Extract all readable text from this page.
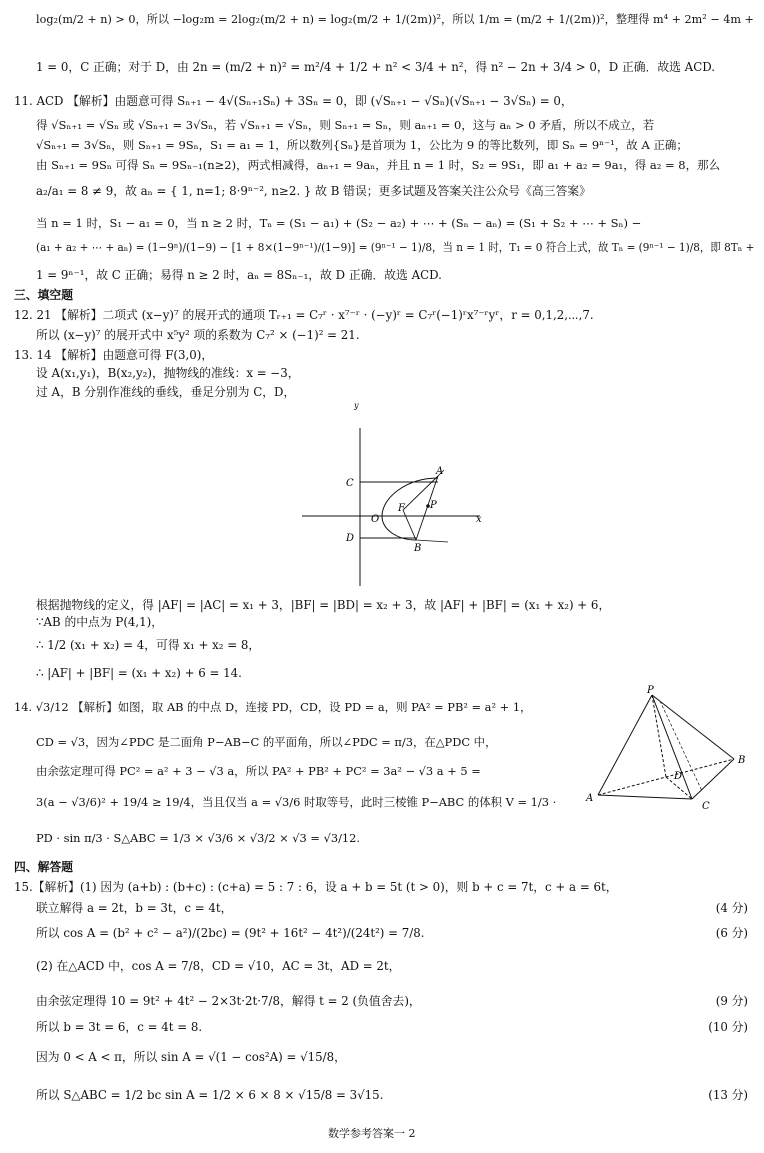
log₂(m/2 + n) > 0，所以 −log₂m = 2log₂(m/2 + n) = log₂(m/2 + 1/(2m))²，所以 1/m = (m/2 + 1/(2m))²，整理得 m⁴ + 2m² − 4m +
1 = 0，C 正确；对于 D，由 2n = (m/2 + n)² = m²/4 + 1/2 + n² < 3/4 + n²，得 n² − 2n + 3/4 > 0，D 正确．故选 ACD.
11. ACD 【解析】由题意可得 Sₙ₊₁ − 4√(Sₙ₊₁Sₙ) + 3Sₙ = 0，即 (√Sₙ₊₁ − √Sₙ)(√Sₙ₊₁ − 3√Sₙ) = 0，
得 √Sₙ₊₁ = √Sₙ 或 √Sₙ₊₁ = 3√Sₙ，若 √Sₙ₊₁ = √Sₙ，则 Sₙ₊₁ = Sₙ，则 aₙ₊₁ = 0，这与 aₙ > 0 矛盾，所以不成立，若
√Sₙ₊₁ = 3√Sₙ，则 Sₙ₊₁ = 9Sₙ，S₁ = a₁ = 1，所以数列{Sₙ}是首项为 1，公比为 9 的等比数列，即 Sₙ = 9ⁿ⁻¹，故 A 正确；
由 Sₙ₊₁ = 9Sₙ 可得 Sₙ = 9Sₙ₋₁(n≥2)，两式相减得，aₙ₊₁ = 9aₙ，并且 n = 1 时，S₂ = 9S₁，即 a₁ + a₂ = 9a₁，得 a₂ = 8，那么
a₂/a₁ = 8 ≠ 9，故 aₙ = { 1, n=1; 8·9ⁿ⁻², n≥2. } 故 B 错误；更多试题及答案关注公众号《高三答案》
当 n = 1 时，S₁ − a₁ = 0，当 n ≥ 2 时，Tₙ = (S₁ − a₁) + (S₂ − a₂) + ⋯ + (Sₙ − aₙ) = (S₁ + S₂ + ⋯ + Sₙ) −
(a₁ + a₂ + ⋯ + aₙ) = (1−9ⁿ)/(1−9) − [1 + 8×(1−9ⁿ⁻¹)/(1−9)] = (9ⁿ⁻¹ − 1)/8，当 n = 1 时，T₁ = 0 符合上式，故 Tₙ = (9ⁿ⁻¹ − 1)/8，即 8Tₙ +
1 = 9ⁿ⁻¹，故 C 正确；易得 n ≥ 2 时，aₙ = 8Sₙ₋₁，故 D 正确．故选 ACD.
三、填空题
12. 21 【解析】二项式 (x−y)⁷ 的展开式的通项 Tᵣ₊₁ = C₇ʳ · x⁷⁻ʳ · (−y)ʳ = C₇ʳ(−1)ʳx⁷⁻ʳyʳ，r = 0,1,2,⋯,7.
所以 (x−y)⁷ 的展开式中 x⁵y² 项的系数为 C₇² × (−1)² = 21.
13. 14 【解析】由题意可得 F(3,0)，
设 A(x₁,y₁)，B(x₂,y₂)，抛物线的准线：x = −3，
过 A，B 分别作准线的垂线，垂足分别为 C，D，
y
C
A
P
F
O	x
D
B
根据抛物线的定义，得 |AF| = |AC| = x₁ + 3，|BF| = |BD| = x₂ + 3，故 |AF| + |BF| = (x₁ + x₂) + 6，
∵AB 的中点为 P(4,1)，
∴ 1/2 (x₁ + x₂) = 4，可得 x₁ + x₂ = 8，
∴ |AF| + |BF| = (x₁ + x₂) + 6 = 14.
14. √3/12 【解析】如图，取 AB 的中点 D，连接 PD，CD，设 PD = a，则 PA² = PB² = a² + 1，
CD = √3，因为∠PDC 是二面角 P−AB−C 的平面角，所以∠PDC = π/3，在△PDC 中，
由余弦定理可得 PC² = a² + 3 − √3 a，所以 PA² + PB² + PC² = 3a² − √3 a + 5 =
3(a − √3/6)² + 19/4 ≥ 19/4，当且仅当 a = √3/6 时取等号，此时三棱锥 P−ABC 的体积 V = 1/3 ·
PD · sin π/3 · S△ABC = 1/3 × √3/6 × √3/2 × √3 = √3/12.
P
B
D
A
C
四、解答题
15.【解析】(1) 因为 (a+b) : (b+c) : (c+a) = 5 : 7 : 6，设 a + b = 5t (t > 0)，则 b + c = 7t，c + a = 6t，
联立解得 a = 2t，b = 3t，c = 4t，
所以 cos A = (b² + c² − a²)/(2bc) = (9t² + 16t² − 4t²)/(24t²) = 7/8.
(2) 在△ACD 中，cos A = 7/8，CD = √10，AC = 3t，AD = 2t，
由余弦定理得 10 = 9t² + 4t² − 2×3t·2t·7/8，解得 t = 2 (负值舍去)，
所以 b = 3t = 6，c = 4t = 8.
因为 0 < A < π，所以 sin A = √(1 − cos²A) = √15/8，
所以 S△ABC = 1/2 bc sin A = 1/2 × 6 × 8 × √15/8 = 3√15.
(4 分)
(6 分)
(9 分)
(10 分)
(13 分)
数学参考答案一 2
